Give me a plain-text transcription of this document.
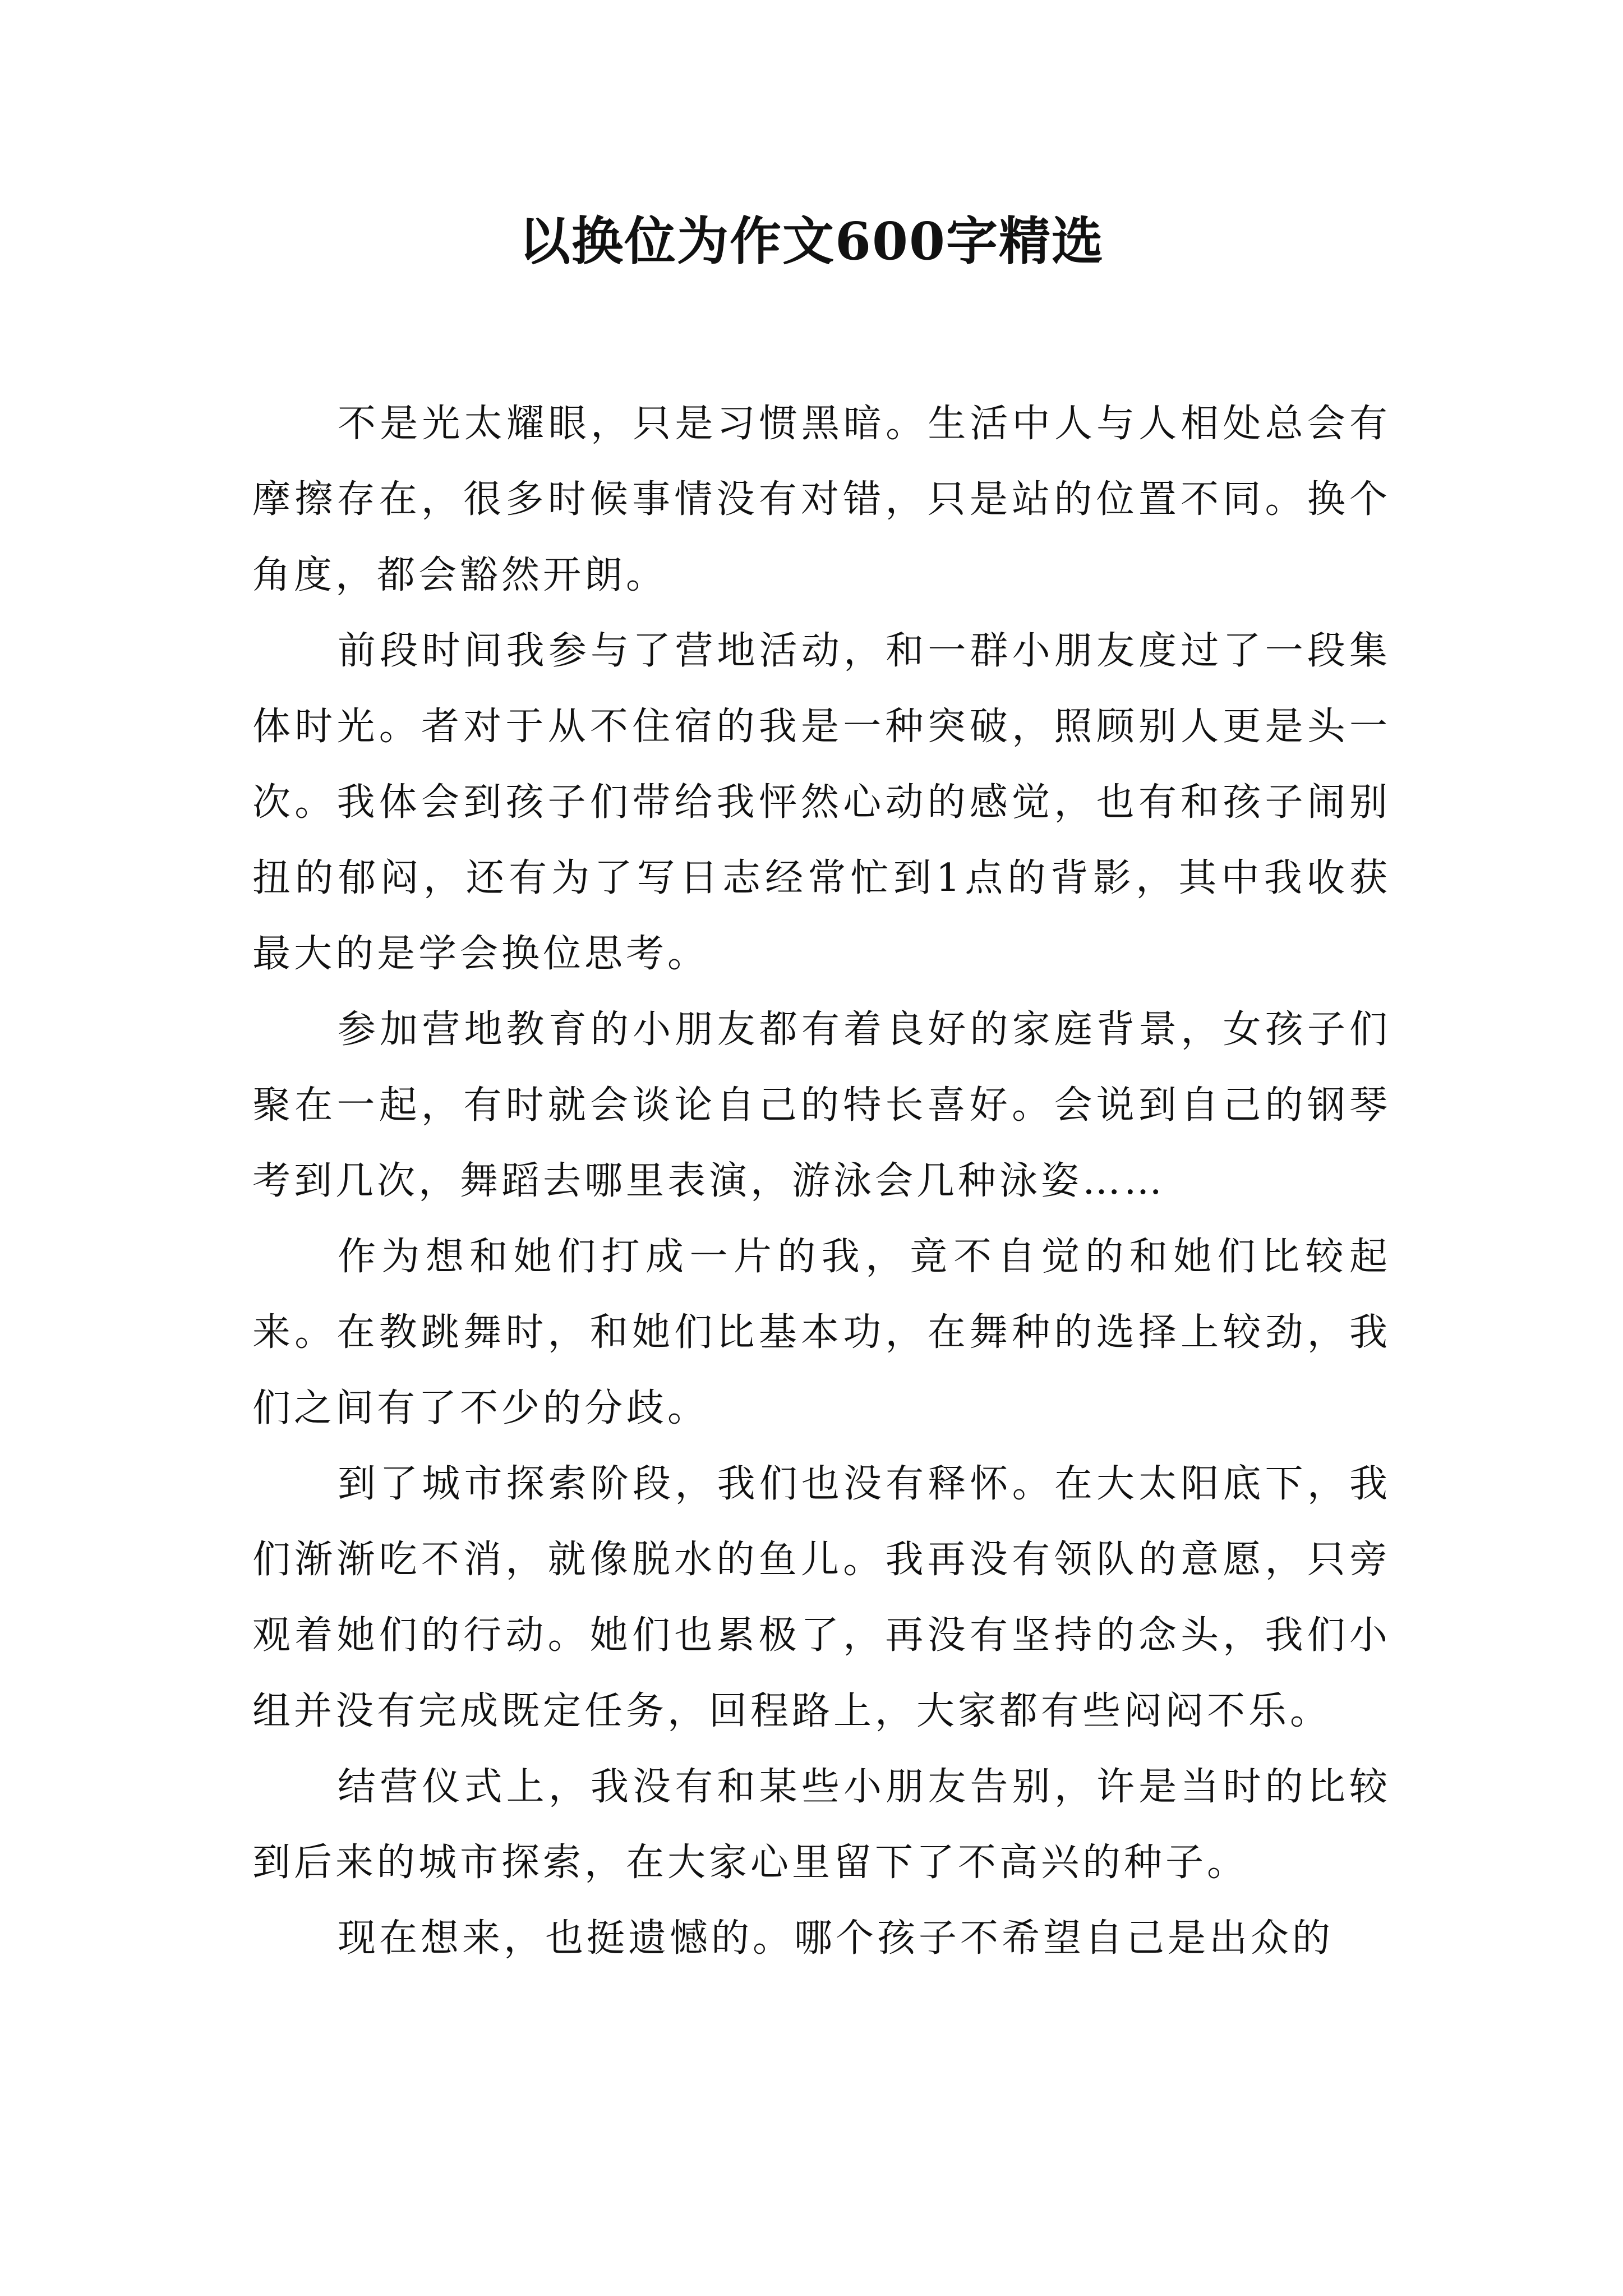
以换位为作文600字精选

不是光太耀眼，只是习惯黑暗。生活中人与人相处总会有摩擦存在，很多时候事情没有对错，只是站的位置不同。换个角度，都会豁然开朗。

前段时间我参与了营地活动，和一群小朋友度过了一段集体时光。者对于从不住宿的我是一种突破，照顾别人更是头一次。我体会到孩子们带给我怦然心动的感觉，也有和孩子闹别扭的郁闷，还有为了写日志经常忙到1点的背影，其中我收获最大的是学会换位思考。

参加营地教育的小朋友都有着良好的家庭背景，女孩子们聚在一起，有时就会谈论自己的特长喜好。会说到自己的钢琴考到几次，舞蹈去哪里表演，游泳会几种泳姿……

作为想和她们打成一片的我，竟不自觉的和她们比较起来。在教跳舞时，和她们比基本功，在舞种的选择上较劲，我们之间有了不少的分歧。

到了城市探索阶段，我们也没有释怀。在大太阳底下，我们渐渐吃不消，就像脱水的鱼儿。我再没有领队的意愿，只旁观着她们的行动。她们也累极了，再没有坚持的念头，我们小组并没有完成既定任务，回程路上，大家都有些闷闷不乐。

结营仪式上，我没有和某些小朋友告别，许是当时的比较到后来的城市探索，在大家心里留下了不高兴的种子。

现在想来，也挺遗憾的。哪个孩子不希望自己是出众的
